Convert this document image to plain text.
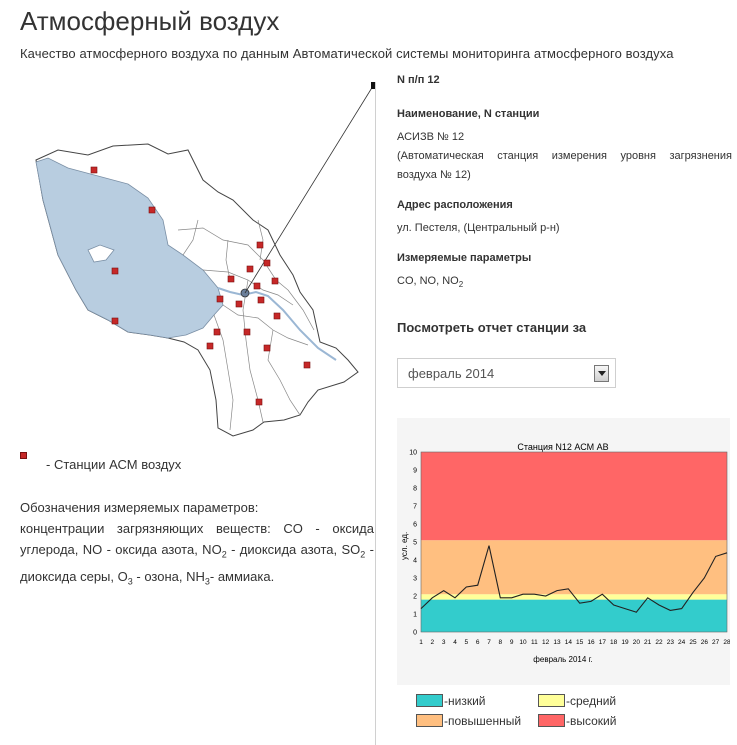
Атмосферный воздух
Качество атмосферного воздуха по данным Автоматической системы мониторинга атмосферного воздуха
- Станции АСМ воздух
Обозначения измеряемых параметров:
концентрации загрязняющих веществ: CO - оксида углерода, NO - оксида азота, $NO_2$ - диоксида азота, $SO_2$ - диоксида серы, $O_3$ - озона, $NH_3-$ аммиака.
N п/п 12
Наименование, N станции
АСИЗВ № 12
(Автоматическая станция измерения уровня загрязнения воздуха № 12)
Адрес расположения
ул. Пестеля, (Центральный р-н)
Измеряемые параметры
CO, NO, $NO_2$
Посмотреть отчет станции за
февраль 2014
Станция N12 АСМ АВ
0
1
2
3
4
5
6
7
8
9
10
1 2 3 4 5 6 7 8 9 10 11 12 13 14 15 16 17 18 19 20 21 22 23 24 25 26 27 28
усл. ед.
февраль 2014 г.
-низкий	-средний
-повышенный	-высокий
